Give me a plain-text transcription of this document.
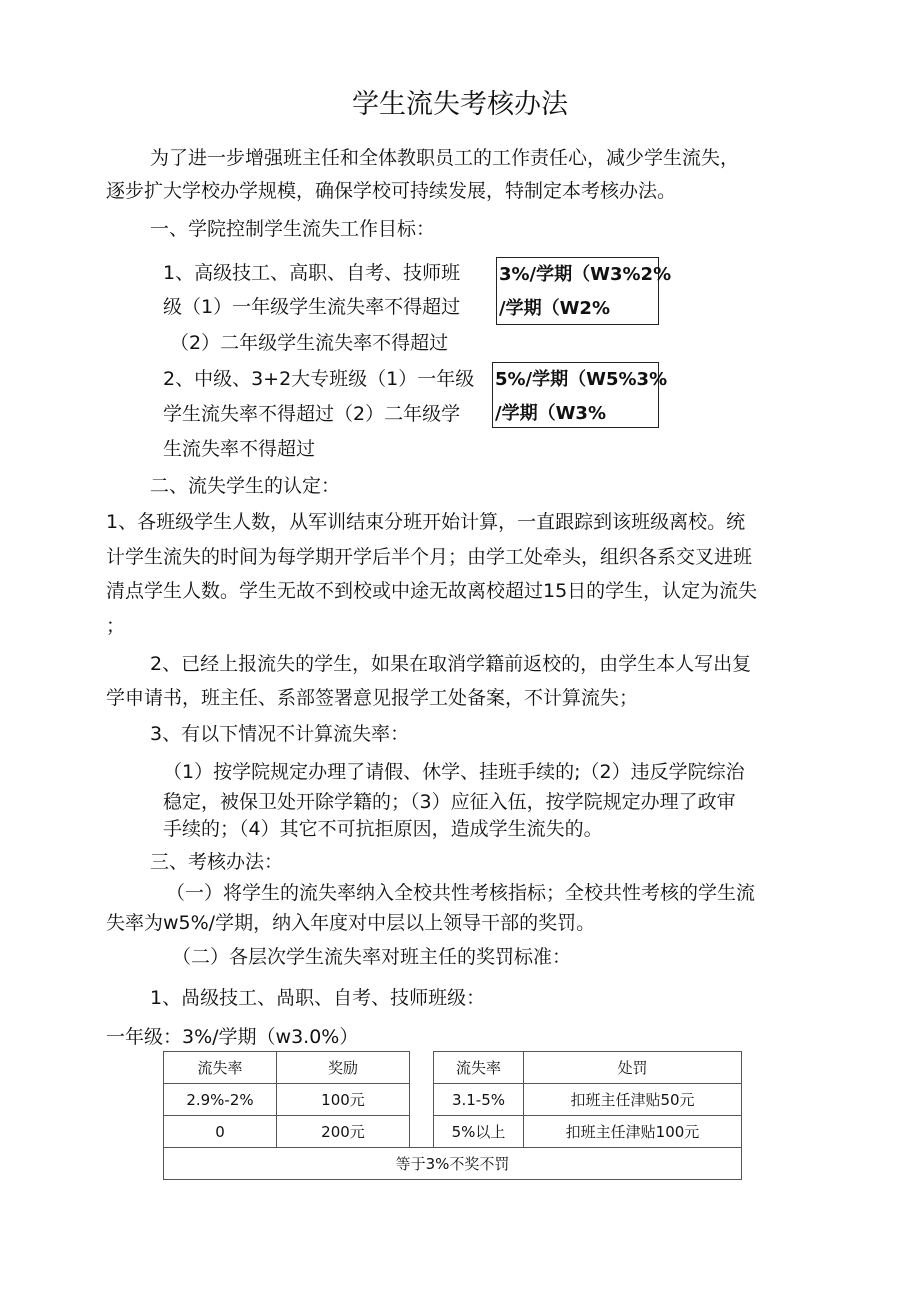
学生流失考核办法
为了进一步增强班主任和全体教职员工的工作责任心，减少学生流失，
逐步扩大学校办学规模，确保学校可持续发展，特制定本考核办法。
一、学院控制学生流失工作目标：
1、高级技工、高职、自考、技师班
级（1）一年级学生流失率不得超过
（2）二年级学生流失率不得超过
3%/学期（W3%2%
/学期（W2%
2、中级、3+2大专班级（1）一年级
学生流失率不得超过（2）二年级学
生流失率不得超过
5%/学期（W5%3%
/学期（W3%
二、流失学生的认定：
1、各班级学生人数，从军训结束分班开始计算，一直跟踪到该班级离校。统
计学生流失的时间为每学期开学后半个月；由学工处牵头，组织各系交叉进班
清点学生人数。学生无故不到校或中途无故离校超过15日的学生，认定为流失
；
2、已经上报流失的学生，如果在取消学籍前返校的，由学生本人写出复
学申请书，班主任、系部签署意见报学工处备案，不计算流失；
3、有以下情况不计算流失率：
（1）按学院规定办理了请假、休学、挂班手续的;（2）违反学院综治
稳定，被保卫处开除学籍的；（3）应征入伍，按学院规定办理了政审
手续的；（4）其它不可抗拒原因，造成学生流失的。
三、考核办法：
（一）将学生的流失率纳入全校共性考核指标；全校共性考核的学生流
失率为w5%/学期，纳入年度对中层以上领导干部的奖罚。
（二）各层次学生流失率对班主任的奖罚标准：
1、咼级技工、咼职、自考、技师班级：
一年级：3%/学期（w3.0%）
流失率	奖励		流失率	处罚
2.9%-2%	100元		3.1-5%	扣班主任津贴50元
0	200元		5%以上	扣班主任津贴100元
等于3%不奖不罚				
